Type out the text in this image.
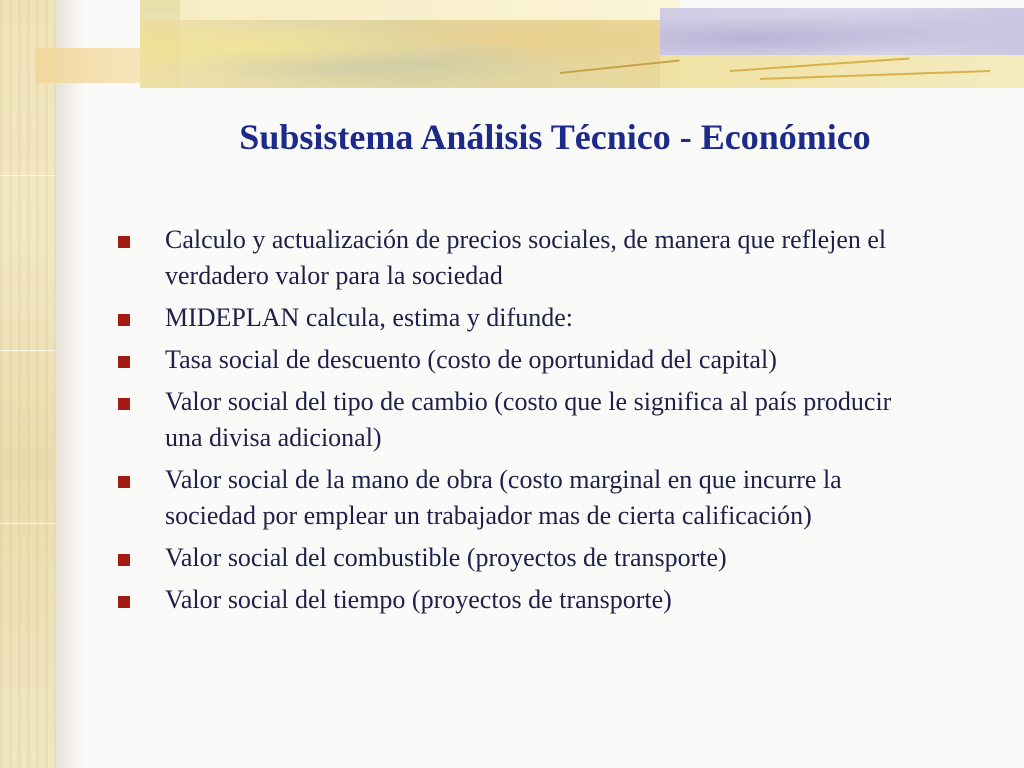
Subsistema Análisis Técnico - Económico
Calculo y actualización de precios sociales, de manera que reflejen el verdadero valor para la sociedad
MIDEPLAN calcula, estima y difunde:
Tasa social de descuento (costo de oportunidad del capital)
Valor social del tipo de cambio (costo que le significa al país producir una divisa adicional)
Valor social de la mano de obra (costo marginal en que incurre la sociedad por emplear un trabajador mas de cierta calificación)
Valor social del combustible (proyectos de transporte)
Valor social del tiempo (proyectos de transporte)
